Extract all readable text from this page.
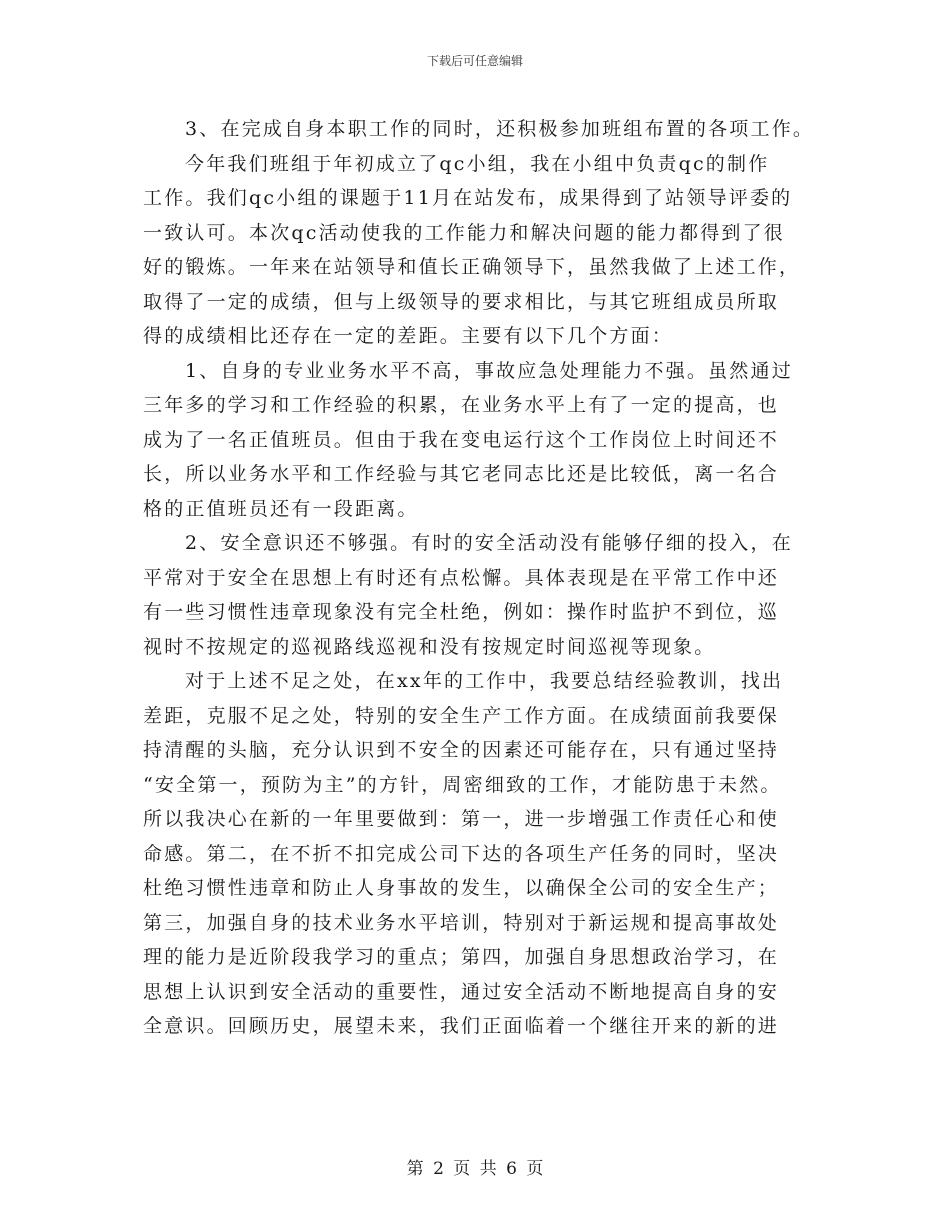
下载后可任意编辑
3、在完成自身本职工作的同时，还积极参加班组布置的各项工作。
今年我们班组于年初成立了qc小组，我在小组中负责qc的制作
工作。我们qc小组的课题于11月在站发布，成果得到了站领导评委的
一致认可。本次qc活动使我的工作能力和解决问题的能力都得到了很
好的锻炼。一年来在站领导和值长正确领导下，虽然我做了上述工作，
取得了一定的成绩，但与上级领导的要求相比，与其它班组成员所取
得的成绩相比还存在一定的差距。主要有以下几个方面：
1、自身的专业业务水平不高，事故应急处理能力不强。虽然通过
三年多的学习和工作经验的积累，在业务水平上有了一定的提高，也
成为了一名正值班员。但由于我在变电运行这个工作岗位上时间还不
长，所以业务水平和工作经验与其它老同志比还是比较低，离一名合
格的正值班员还有一段距离。
2、安全意识还不够强。有时的安全活动没有能够仔细的投入，在
平常对于安全在思想上有时还有点松懈。具体表现是在平常工作中还
有一些习惯性违章现象没有完全杜绝，例如：操作时监护不到位，巡
视时不按规定的巡视路线巡视和没有按规定时间巡视等现象。
对于上述不足之处，在xx年的工作中，我要总结经验教训，找出
差距，克服不足之处，特别的安全生产工作方面。在成绩面前我要保
持清醒的头脑，充分认识到不安全的因素还可能存在，只有通过坚持
“安全第一，预防为主”的方针，周密细致的工作，才能防患于未然。
所以我决心在新的一年里要做到：第一，进一步增强工作责任心和使
命感。第二，在不折不扣完成公司下达的各项生产任务的同时，坚决
杜绝习惯性违章和防止人身事故的发生，以确保全公司的安全生产；
第三，加强自身的技术业务水平培训，特别对于新运规和提高事故处
理的能力是近阶段我学习的重点；第四，加强自身思想政治学习，在
思想上认识到安全活动的重要性，通过安全活动不断地提高自身的安
全意识。回顾历史，展望未来，我们正面临着一个继往开来的新的进
第 2 页 共 6 页
